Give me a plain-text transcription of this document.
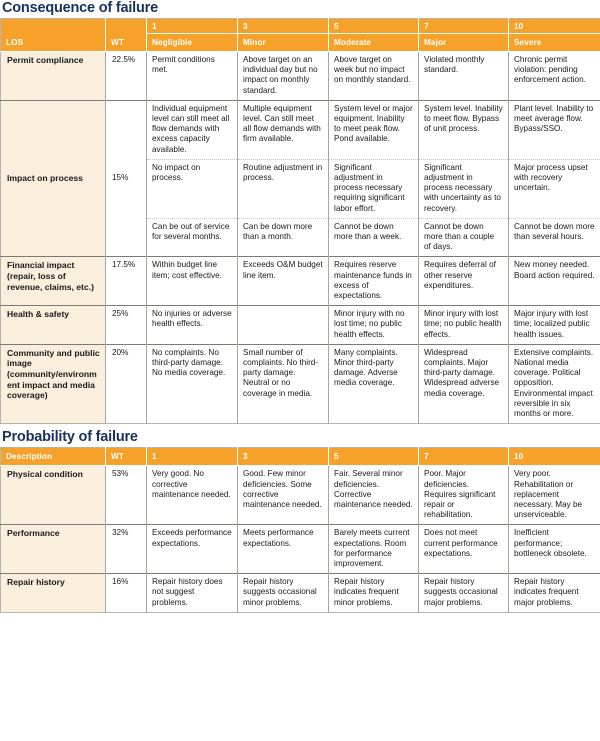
Consequence of failure
		1	3	5	7	10
LOS	WT	Negligible	Minor	Moderate	Major	Severe
Permit compliance	22.5%	Permit conditions met.	Above target on an individual day but no impact on monthly standard.	Above target on week but no impact on monthly standard.	Violated monthly standard.	Chronic permit violation: pending enforcement action.
Impact on process	15%	Individual equipment level can still meet all flow demands with excess capacity available.	Multiple equipment level. Can still meet all flow demands with firm available.	System level or major equipment. Inability to meet peak flow. Pond available.	System level. Inability to meet flow. Bypass of unit process.	Plant level. Inability to meet average flow. Bypass/SSO.
		No impact on process.	Routine adjustment in process.	Significant adjustment in process necessary requiring significant labor effort.	Significant adjustment in process necessary with uncertainty as to recovery.	Major process upset with recovery uncertain.
		Can be out of service for several months.	Can be down more than a month.	Cannot be down more than a week.	Cannot be down more than a couple of days.	Cannot be down more than several hours.
Financial impact (repair, loss of revenue, claims, etc.)	17.5%	Within budget line item; cost effective.	Exceeds O&M budget line item.	Requires reserve maintenance funds in excess of expectations.	Requires deferral of other reserve expenditures.	New money needed. Board action required.
Health & safety	25%	No injuries or adverse health effects.		Minor injury with no lost time; no public health effects.	Minor injury with lost time; no public health effects.	Major injury with lost time; localized public health issues.
Community and public image (community/environment impact and media coverage)	20%	No complaints. No third-party damage. No media coverage.	Small number of complaints. No third-party damage. Neutral or no coverage in media.	Many complaints. Minor third-party damage. Adverse media coverage.	Widespread complaints. Major third-party damage. Widespread adverse media coverage.	Extensive complaints. National media coverage. Political opposition. Environmental impact reversible in six months or more.
Probability of failure
Description	WT	1	3	5	7	10
Physical condition	53%	Very good. No corrective maintenance needed.	Good. Few minor deficiencies. Some corrective maintenance needed.	Fair. Several minor deficiencies. Corrective maintenance needed.	Poor. Major deficiencies. Requires significant repair or rehabilitation.	Very poor. Rehabilitation or replacement necessary. May be unserviceable.
Performance	32%	Exceeds performance expectations.	Meets performance expectations.	Barely meets current expectations. Room for performance improvement.	Does not meet current performance expectations.	Inefficient performance; bottleneck obsolete.
Repair history	16%	Repair history does not suggest problems.	Repair history suggests occasional minor problems.	Repair history indicates frequent minor problems.	Repair history suggests occasional major problems.	Repair history indicates frequent major problems.
